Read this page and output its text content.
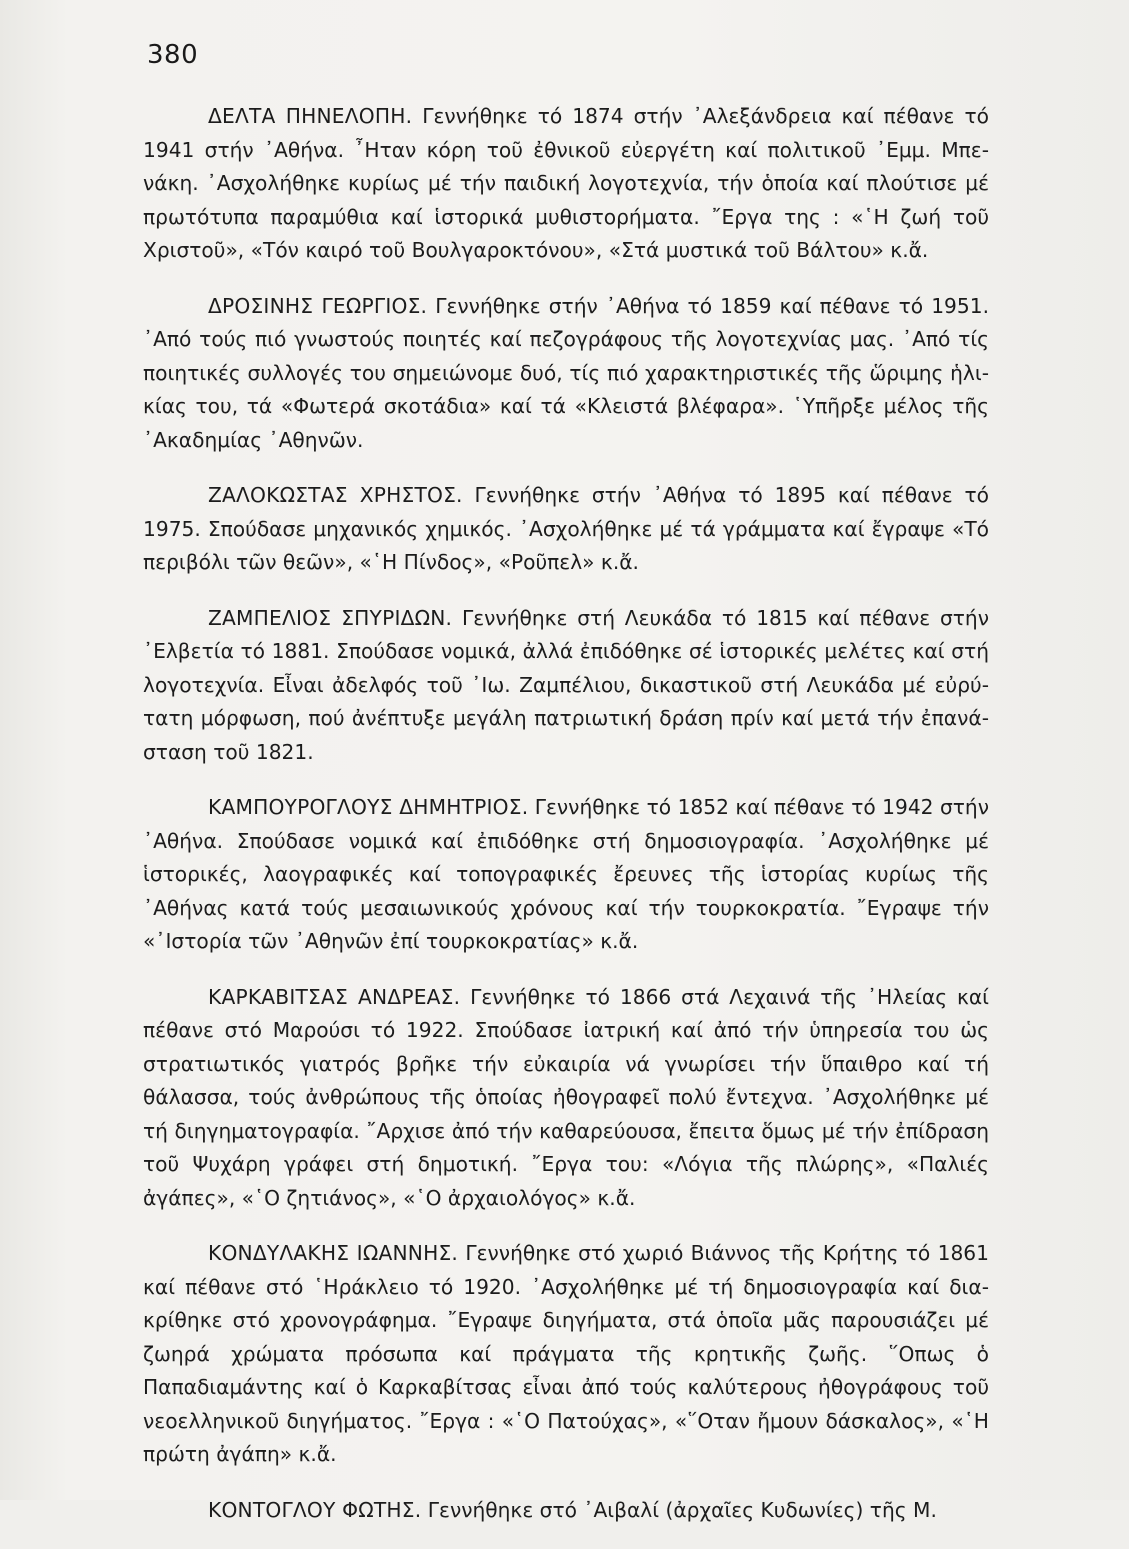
380

ΔΕΛΤΑ ΠΗΝΕΛΟΠΗ. Γεννήθηκε τό 1874 στήν ᾿Αλεξάνδρεια καί πέθανε τό 1941 στήν ᾿Αθήνα. ῏Ηταν κόρη τοῦ ἐθνικοῦ εὐεργέτη καί πολιτικοῦ ᾿Εμμ. Μπενάκη. ᾿Ασχολήθηκε κυρίως μέ τήν παιδική λογοτεχνία, τήν ὁποία καί πλούτισε μέ πρωτότυπα παραμύθια καί ἱστορικά μυθιστορήματα. ῎Εργα της : «῾Η ζωή τοῦ Χριστοῦ», «Τόν καιρό τοῦ Βουλγαροκτόνου», «Στά μυστικά τοῦ Βάλτου» κ.ἄ.

ΔΡΟΣΙΝΗΣ ΓΕΩΡΓΙΟΣ. Γεννήθηκε στήν ᾿Αθήνα τό 1859 καί πέθανε τό 1951. ᾿Από τούς πιό γνωστούς ποιητές καί πεζογράφους τῆς λογοτεχνίας μας. ᾿Από τίς ποιητικές συλλογές του σημειώνομε δυό, τίς πιό χαρακτηριστικές τῆς ὥριμης ἡλικίας του, τά «Φωτερά σκοτάδια» καί τά «Κλειστά βλέφαρα». ῾Υπῆρξε μέλος τῆς ᾿Ακαδημίας ᾿Αθηνῶν.

ΖΑΛΟΚΩΣΤΑΣ ΧΡΗΣΤΟΣ. Γεννήθηκε στήν ᾿Αθήνα τό 1895 καί πέθανε τό 1975. Σπούδασε μηχανικός χημικός. ᾿Ασχολήθηκε μέ τά γράμματα καί ἔγραψε «Τό περιβόλι τῶν θεῶν», «῾Η Πίνδος», «Ροῦπελ» κ.ἄ.

ΖΑΜΠΕΛΙΟΣ ΣΠΥΡΙΔΩΝ. Γεννήθηκε στή Λευκάδα τό 1815 καί πέθανε στήν ᾿Ελβετία τό 1881. Σπούδασε νομικά, ἀλλά ἐπιδόθηκε σέ ἱστορικές μελέτες καί στή λογοτεχνία. Εἶναι ἀδελφός τοῦ ᾿Ιω. Ζαμπέλιου, δικαστικοῦ στή Λευκάδα μέ εὐρύτατη μόρφωση, πού ἀνέπτυξε μεγάλη πατριωτική δράση πρίν καί μετά τήν ἐπανάσταση τοῦ 1821.

ΚΑΜΠΟΥΡΟΓΛΟΥΣ ΔΗΜΗΤΡΙΟΣ. Γεννήθηκε τό 1852 καί πέθανε τό 1942 στήν ᾿Αθήνα. Σπούδασε νομικά καί ἐπιδόθηκε στή δημοσιογραφία. ᾿Ασχολήθηκε μέ ἱστορικές, λαογραφικές καί τοπογραφικές ἔρευνες τῆς ἱστορίας κυρίως τῆς ᾿Αθήνας κατά τούς μεσαιωνικούς χρόνους καί τήν τουρκοκρατία. ῎Εγραψε τήν «᾿Ιστορία τῶν ᾿Αθηνῶν ἐπί τουρκοκρατίας» κ.ἄ.

ΚΑΡΚΑΒΙΤΣΑΣ ΑΝΔΡΕΑΣ. Γεννήθηκε τό 1866 στά Λεχαινά τῆς ᾿Ηλείας καί πέθανε στό Μαρούσι τό 1922. Σπούδασε ἰατρική καί ἀπό τήν ὑπηρεσία του ὡς στρατιωτικός γιατρός βρῆκε τήν εὐκαιρία νά γνωρίσει τήν ὕπαιθρο καί τή θάλασσα, τούς ἀνθρώπους τῆς ὁποίας ἠθογραφεῖ πολύ ἔντεχνα. ᾿Ασχολήθηκε μέ τή διηγηματογραφία. ῎Αρχισε ἀπό τήν καθαρεύουσα, ἔπειτα ὅμως μέ τήν ἐπίδραση τοῦ Ψυχάρη γράφει στή δημοτική. ῎Εργα του: «Λόγια τῆς πλώρης», «Παλιές ἀγάπες», «῾Ο ζητιάνος», «῾Ο ἀρχαιολόγος» κ.ἄ.

ΚΟΝΔΥΛΑΚΗΣ ΙΩΑΝΝΗΣ. Γεννήθηκε στό χωριό Βιάννος τῆς Κρήτης τό 1861 καί πέθανε στό ῾Ηράκλειο τό 1920. ᾿Ασχολήθηκε μέ τή δημοσιογραφία καί διακρίθηκε στό χρονογράφημα. ῎Εγραψε διηγήματα, στά ὁποῖα μᾶς παρουσιάζει μέ ζωηρά χρώματα πρόσωπα καί πράγματα τῆς κρητικῆς ζωῆς. ῞Οπως ὁ Παπαδιαμάντης καί ὁ Καρκαβίτσας εἶναι ἀπό τούς καλύτερους ἠθογράφους τοῦ νεοελληνικοῦ διηγήματος. ῎Εργα : «῾Ο Πατούχας», «῞Οταν ἤμουν δάσκαλος», «῾Η πρώτη ἀγάπη» κ.ἄ.

ΚΟΝΤΟΓΛΟΥ ΦΩΤΗΣ. Γεννήθηκε στό ᾿Αιβαλί (ἀρχαῖες Κυδωνίες) τῆς Μ.
